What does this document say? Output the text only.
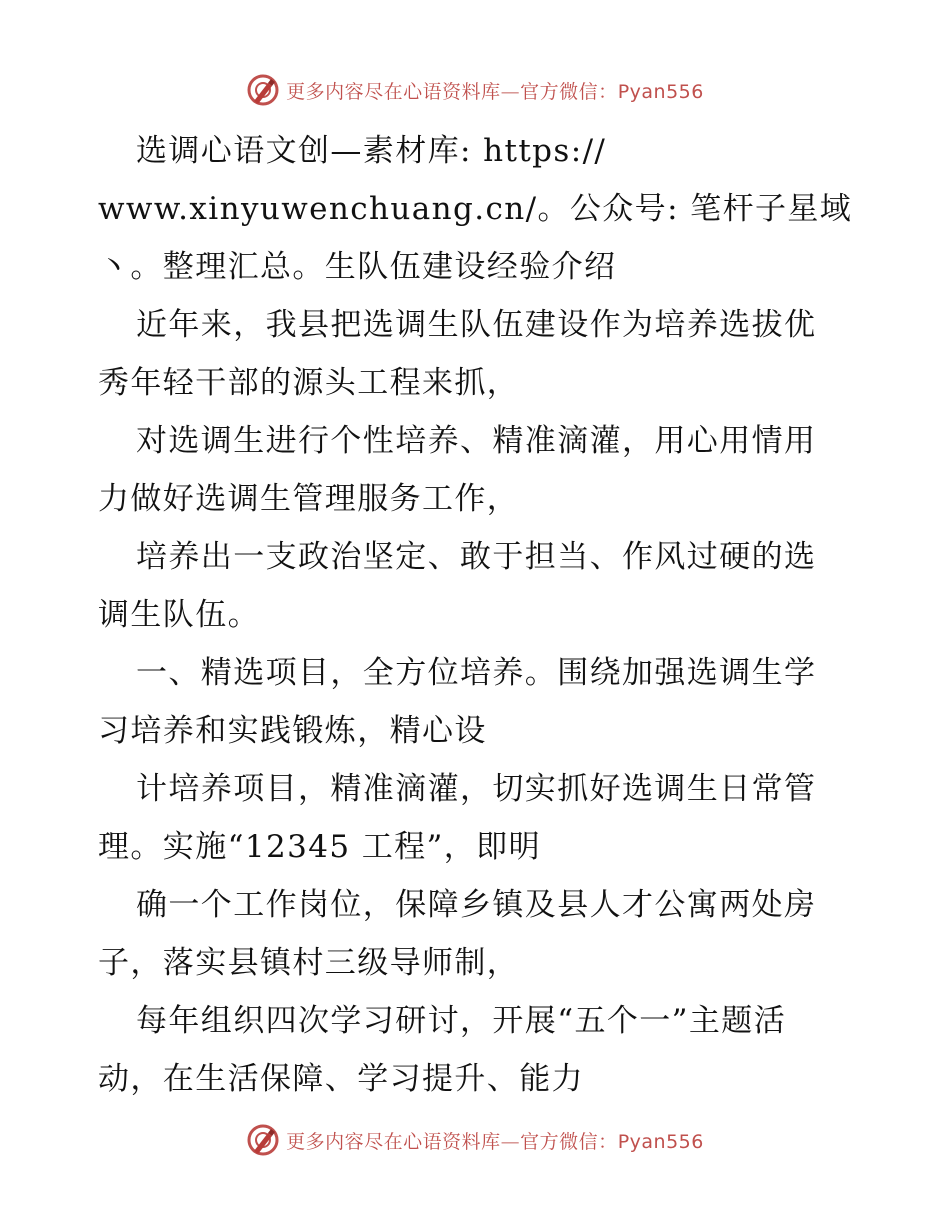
更多内容尽在心语资料库—官方微信：Pyan556

选调心语文创—素材库: https://

www.xinyuwenchuang.cn/。公众号: 笔杆子星域

丶。整理汇总。生队伍建设经验介绍

近年来，我县把选调生队伍建设作为培养选拔优

秀年轻干部的源头工程来抓，

对选调生进行个性培养、精准滴灌，用心用情用

力做好选调生管理服务工作，

培养出一支政治坚定、敢于担当、作风过硬的选

调生队伍。

一、精选项目，全方位培养。围绕加强选调生学

习培养和实践锻炼，精心设

计培养项目，精准滴灌，切实抓好选调生日常管

理。实施“12345 工程”，即明

确一个工作岗位，保障乡镇及县人才公寓两处房

子，落实县镇村三级导师制，

每年组织四次学习研讨，开展“五个一”主题活

动，在生活保障、学习提升、能力

更多内容尽在心语资料库—官方微信：Pyan556
